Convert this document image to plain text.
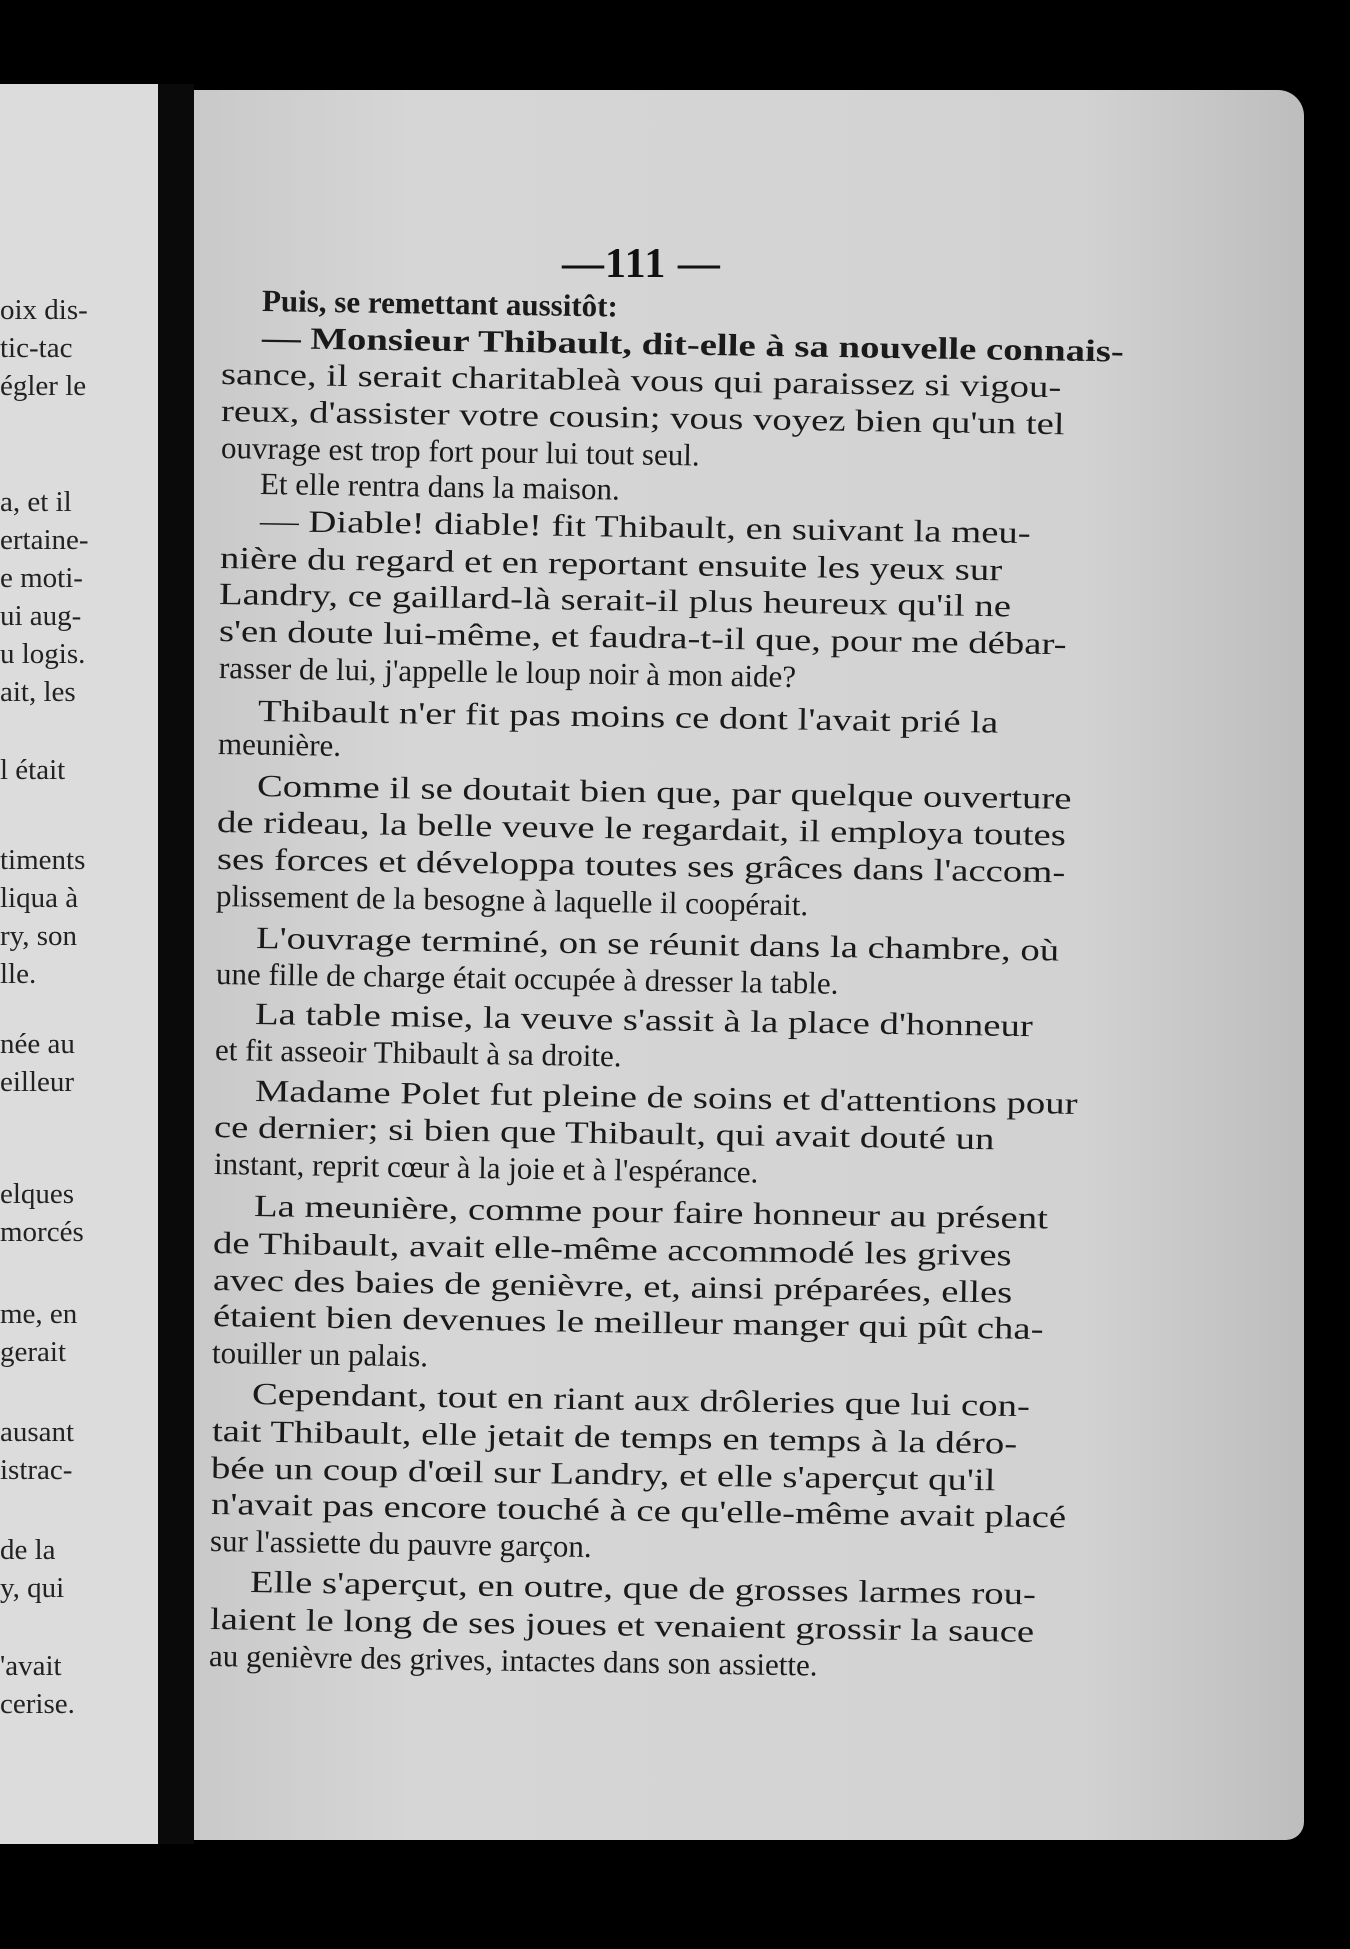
oix dis-
tic-tac
égler le
a, et il
ertaine-
e moti-
ui aug-
u logis.
ait, les
l était
timents
liqua à
ry, son
lle.
née au
eilleur
elques
morcés
me, en
gerait
ausant
istrac-
de la
y, qui
'avait
cerise.
—111 —
Puis, se remettant aussitôt:
— Monsieur Thibault, dit-elle à sa nouvelle connais-
sance, il serait charitableà vous qui paraissez si vigou-
reux, d'assister votre cousin; vous voyez bien qu'un tel
ouvrage est trop fort pour lui tout seul.
Et elle rentra dans la maison.
— Diable! diable! fit Thibault, en suivant la meu-
nière du regard et en reportant ensuite les yeux sur
Landry, ce gaillard-là serait-il plus heureux qu'il ne
s'en doute lui-même, et faudra-t-il que, pour me débar-
rasser de lui, j'appelle le loup noir à mon aide?
Thibault n'er fit pas moins ce dont l'avait prié la
meunière.
Comme il se doutait bien que, par quelque ouverture
de rideau, la belle veuve le regardait, il employa toutes
ses forces et développa toutes ses grâces dans l'accom-
plissement de la besogne à laquelle il coopérait.
L'ouvrage terminé, on se réunit dans la chambre, où
une fille de charge était occupée à dresser la table.
La table mise, la veuve s'assit à la place d'honneur
et fit asseoir Thibault à sa droite.
Madame Polet fut pleine de soins et d'attentions pour
ce dernier; si bien que Thibault, qui avait douté un
instant, reprit cœur à la joie et à l'espérance.
La meunière, comme pour faire honneur au présent
de Thibault, avait elle-même accommodé les grives
avec des baies de genièvre, et, ainsi préparées, elles
étaient bien devenues le meilleur manger qui pût cha-
touiller un palais.
Cependant, tout en riant aux drôleries que lui con-
tait Thibault, elle jetait de temps en temps à la déro-
bée un coup d'œil sur Landry, et elle s'aperçut qu'il
n'avait pas encore touché à ce qu'elle-même avait placé
sur l'assiette du pauvre garçon.
Elle s'aperçut, en outre, que de grosses larmes rou-
laient le long de ses joues et venaient grossir la sauce
au genièvre des grives, intactes dans son assiette.
